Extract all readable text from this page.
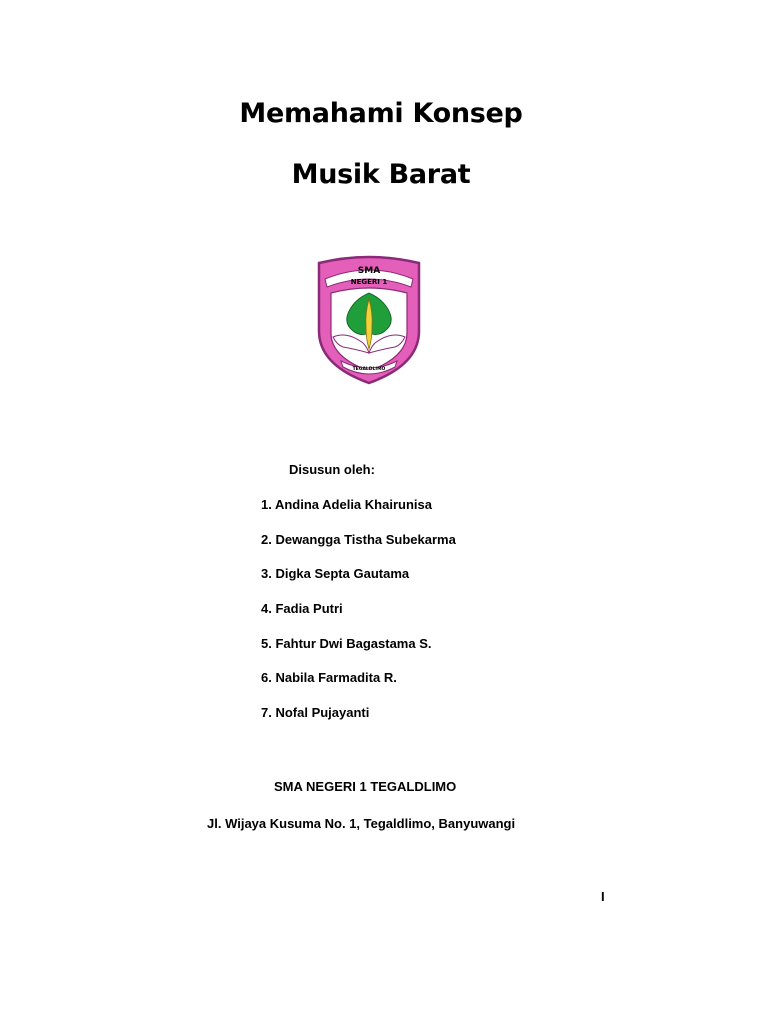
Memahami Konsep
Musik Barat
SMA
NEGERI 1
TEGALDLIMO

Disusun oleh:

1. Andina Adelia Khairunisa
2. Dewangga Tistha Subekarma
3. Digka Septa Gautama
4. Fadia Putri
5. Fahtur Dwi Bagastama S.
6. Nabila Farmadita R.
7. Nofal Pujayanti

SMA NEGERI 1 TEGALDLIMO

Jl. Wijaya Kusuma No. 1, Tegaldlimo, Banyuwangi

I
